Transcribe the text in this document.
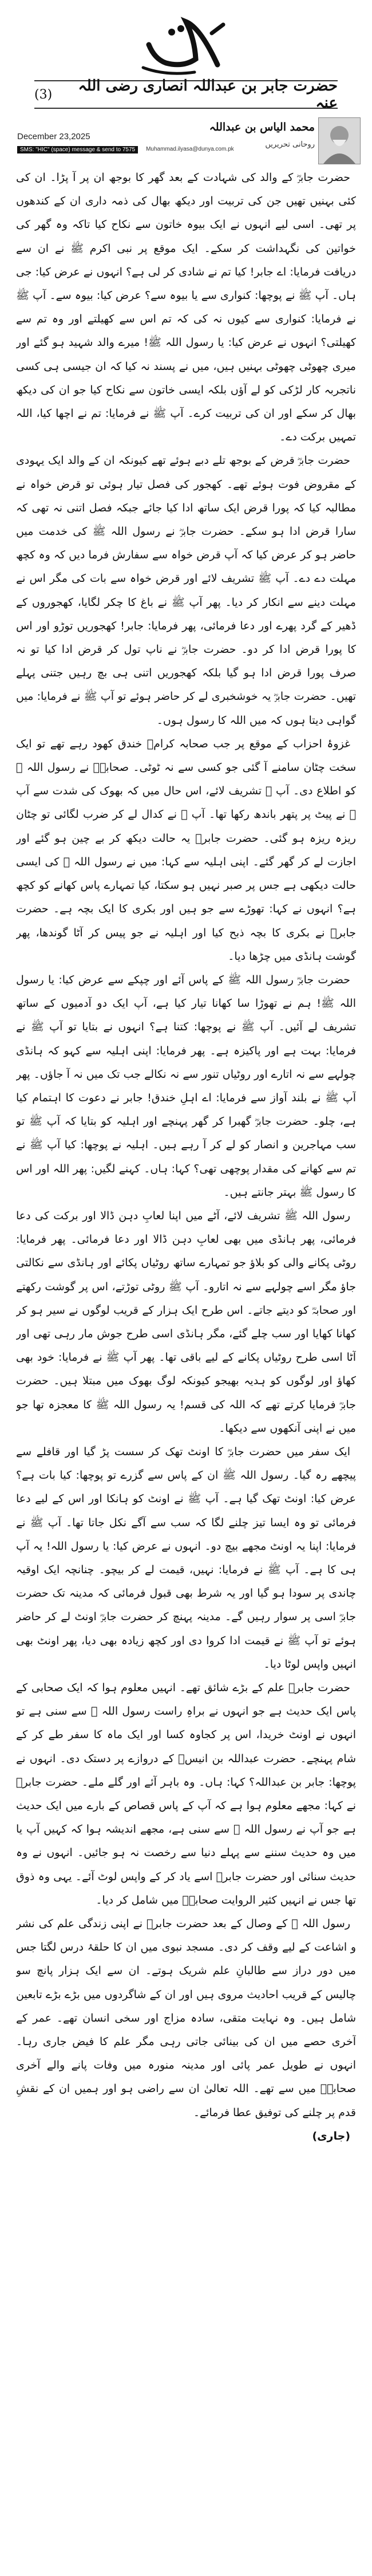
حضرت جابر بن عبداللہ انصاری رضی اللہ عنہ
(3)
محمد الیاس بن عبداللہ
روحانی تحریریں
December 23,2025
SMS: "HIC" (space) message & send to 7575	Muhammad.ilyasa@dunya.com.pk

حضرت جابرؓ کے والد کی شہادت کے بعد گھر کا بوجھ ان پر آ پڑا۔ ان کی کئی بہنیں تھیں جن کی تربیت اور دیکھ بھال کی ذمہ داری ان کے کندھوں پر تھی۔ اسی لیے انہوں نے ایک بیوہ خاتون سے نکاح کیا تاکہ وہ گھر کی خواتین کی نگہداشت کر سکے۔ ایک موقع پر نبی اکرم ﷺ نے ان سے دریافت فرمایا: اے جابر! کیا تم نے شادی کر لی ہے؟ انہوں نے عرض کیا: جی ہاں۔ آپ ﷺ نے پوچھا: کنواری سے یا بیوہ سے؟ عرض کیا: بیوہ سے۔ آپ ﷺ نے فرمایا: کنواری سے کیوں نہ کی کہ تم اس سے کھیلتے اور وہ تم سے کھیلتی؟ انہوں نے عرض کیا: یا رسول اللہ ﷺ! میرے والد شہید ہو گئے اور میری چھوٹی چھوٹی بہنیں ہیں، میں نے پسند نہ کیا کہ ان جیسی ہی کسی ناتجربہ کار لڑکی کو لے آؤں بلکہ ایسی خاتون سے نکاح کیا جو ان کی دیکھ بھال کر سکے اور ان کی تربیت کرے۔ آپ ﷺ نے فرمایا: تم نے اچھا کیا، اللہ تمہیں برکت دے۔

حضرت جابرؓ قرض کے بوجھ تلے دبے ہوئے تھے کیونکہ ان کے والد ایک یہودی کے مقروض فوت ہوئے تھے۔ کھجور کی فصل تیار ہوئی تو قرض خواہ نے مطالبہ کیا کہ پورا قرض ایک ساتھ ادا کیا جائے جبکہ فصل اتنی نہ تھی کہ سارا قرض ادا ہو سکے۔ حضرت جابرؓ نے رسول اللہ ﷺ کی خدمت میں حاضر ہو کر عرض کیا کہ آپ قرض خواہ سے سفارش فرما دیں کہ وہ کچھ مہلت دے دے۔ آپ ﷺ تشریف لائے اور قرض خواہ سے بات کی مگر اس نے مہلت دینے سے انکار کر دیا۔ پھر آپ ﷺ نے باغ کا چکر لگایا، کھجوروں کے ڈھیر کے گرد پھرے اور دعا فرمائی، پھر فرمایا: جابر! کھجوریں توڑو اور اس کا پورا قرض ادا کر دو۔ حضرت جابرؓ نے ناپ تول کر قرض ادا کیا تو نہ صرف پورا قرض ادا ہو گیا بلکہ کھجوریں اتنی ہی بچ رہیں جتنی پہلے تھیں۔ حضرت جابرؓ یہ خوشخبری لے کر حاضر ہوئے تو آپ ﷺ نے فرمایا: میں گواہی دیتا ہوں کہ میں اللہ کا رسول ہوں۔

غزوۂ احزاب کے موقع پر جب صحابہ کرامؓ خندق کھود رہے تھے تو ایک سخت چٹان سامنے آ گئی جو کسی سے نہ ٹوٹی۔ صحابہؓ نے رسول اللہ ﷺ کو اطلاع دی۔ آپ ﷺ تشریف لائے، اس حال میں کہ بھوک کی شدت سے آپ ﷺ نے پیٹ پر پتھر باندھ رکھا تھا۔ آپ ﷺ نے کدال لے کر ضرب لگائی تو چٹان ریزہ ریزہ ہو گئی۔ حضرت جابرؓ یہ حالت دیکھ کر بے چین ہو گئے اور اجازت لے کر گھر گئے۔ اپنی اہلیہ سے کہا: میں نے رسول اللہ ﷺ کی ایسی حالت دیکھی ہے جس پر صبر نہیں ہو سکتا، کیا تمہارے پاس کھانے کو کچھ ہے؟ انہوں نے کہا: تھوڑے سے جو ہیں اور بکری کا ایک بچہ ہے۔ حضرت جابرؓ نے بکری کا بچہ ذبح کیا اور اہلیہ نے جو پیس کر آٹا گوندھا، پھر گوشت ہانڈی میں چڑھا دیا۔

حضرت جابرؓ رسول اللہ ﷺ کے پاس آئے اور چپکے سے عرض کیا: یا رسول اللہ ﷺ! ہم نے تھوڑا سا کھانا تیار کیا ہے، آپ ایک دو آدمیوں کے ساتھ تشریف لے آئیں۔ آپ ﷺ نے پوچھا: کتنا ہے؟ انہوں نے بتایا تو آپ ﷺ نے فرمایا: بہت ہے اور پاکیزہ ہے۔ پھر فرمایا: اپنی اہلیہ سے کہو کہ ہانڈی چولہے سے نہ اتارے اور روٹیاں تنور سے نہ نکالے جب تک میں نہ آ جاؤں۔ پھر آپ ﷺ نے بلند آواز سے فرمایا: اے اہلِ خندق! جابر نے دعوت کا اہتمام کیا ہے، چلو۔ حضرت جابرؓ گھبرا کر گھر پہنچے اور اہلیہ کو بتایا کہ آپ ﷺ تو سب مہاجرین و انصار کو لے کر آ رہے ہیں۔ اہلیہ نے پوچھا: کیا آپ ﷺ نے تم سے کھانے کی مقدار پوچھی تھی؟ کہا: ہاں۔ کہنے لگیں: پھر اللہ اور اس کا رسول ﷺ بہتر جانتے ہیں۔

رسول اللہ ﷺ تشریف لائے، آٹے میں اپنا لعابِ دہن ڈالا اور برکت کی دعا فرمائی، پھر ہانڈی میں بھی لعابِ دہن ڈالا اور دعا فرمائی۔ پھر فرمایا: روٹی پکانے والی کو بلاؤ جو تمہارے ساتھ روٹیاں پکائے اور ہانڈی سے نکالتی جاؤ مگر اسے چولہے سے نہ اتارو۔ آپ ﷺ روٹی توڑتے، اس پر گوشت رکھتے اور صحابہؓ کو دیتے جاتے۔ اس طرح ایک ہزار کے قریب لوگوں نے سیر ہو کر کھانا کھایا اور سب چلے گئے، مگر ہانڈی اسی طرح جوش مار رہی تھی اور آٹا اسی طرح روٹیاں پکانے کے لیے باقی تھا۔ پھر آپ ﷺ نے فرمایا: خود بھی کھاؤ اور لوگوں کو ہدیہ بھیجو کیونکہ لوگ بھوک میں مبتلا ہیں۔ حضرت جابرؓ فرمایا کرتے تھے کہ اللہ کی قسم! یہ رسول اللہ ﷺ کا معجزہ تھا جو میں نے اپنی آنکھوں سے دیکھا۔

ایک سفر میں حضرت جابرؓ کا اونٹ تھک کر سست پڑ گیا اور قافلے سے پیچھے رہ گیا۔ رسول اللہ ﷺ ان کے پاس سے گزرے تو پوچھا: کیا بات ہے؟ عرض کیا: اونٹ تھک گیا ہے۔ آپ ﷺ نے اونٹ کو ہانکا اور اس کے لیے دعا فرمائی تو وہ ایسا تیز چلنے لگا کہ سب سے آگے نکل جاتا تھا۔ آپ ﷺ نے فرمایا: اپنا یہ اونٹ مجھے بیچ دو۔ انہوں نے عرض کیا: یا رسول اللہ! یہ آپ ہی کا ہے۔ آپ ﷺ نے فرمایا: نہیں، قیمت لے کر بیچو۔ چنانچہ ایک اوقیہ چاندی پر سودا ہو گیا اور یہ شرط بھی قبول فرمائی کہ مدینہ تک حضرت جابرؓ اسی پر سوار رہیں گے۔ مدینہ پہنچ کر حضرت جابرؓ اونٹ لے کر حاضر ہوئے تو آپ ﷺ نے قیمت ادا کروا دی اور کچھ زیادہ بھی دیا، پھر اونٹ بھی انہیں واپس لوٹا دیا۔

حضرت جابرؓ علم کے بڑے شائق تھے۔ انہیں معلوم ہوا کہ ایک صحابی کے پاس ایک حدیث ہے جو انہوں نے براہِ راست رسول اللہ ﷺ سے سنی ہے تو انہوں نے اونٹ خریدا، اس پر کجاوہ کسا اور ایک ماہ کا سفر طے کر کے شام پہنچے۔ حضرت عبداللہ بن انیسؓ کے دروازے پر دستک دی۔ انہوں نے پوچھا: جابر بن عبداللہ؟ کہا: ہاں۔ وہ باہر آئے اور گلے ملے۔ حضرت جابرؓ نے کہا: مجھے معلوم ہوا ہے کہ آپ کے پاس قصاص کے بارے میں ایک حدیث ہے جو آپ نے رسول اللہ ﷺ سے سنی ہے، مجھے اندیشہ ہوا کہ کہیں آپ یا میں وہ حدیث سننے سے پہلے دنیا سے رخصت نہ ہو جائیں۔ انہوں نے وہ حدیث سنائی اور حضرت جابرؓ اسے یاد کر کے واپس لوٹ آئے۔ یہی وہ ذوق تھا جس نے انہیں کثیر الروایت صحابہؓ میں شامل کر دیا۔

رسول اللہ ﷺ کے وصال کے بعد حضرت جابرؓ نے اپنی زندگی علم کی نشر و اشاعت کے لیے وقف کر دی۔ مسجد نبوی میں ان کا حلقۂ درس لگتا جس میں دور دراز سے طالبانِ علم شریک ہوتے۔ ان سے ایک ہزار پانچ سو چالیس کے قریب احادیث مروی ہیں اور ان کے شاگردوں میں بڑے بڑے تابعین شامل ہیں۔ وہ نہایت متقی، سادہ مزاج اور سخی انسان تھے۔ عمر کے آخری حصے میں ان کی بینائی جاتی رہی مگر علم کا فیض جاری رہا۔ انہوں نے طویل عمر پائی اور مدینہ منورہ میں وفات پانے والے آخری صحابہؓ میں سے تھے۔ اللہ تعالیٰ ان سے راضی ہو اور ہمیں ان کے نقشِ قدم پر چلنے کی توفیق عطا فرمائے۔

(جاری)
